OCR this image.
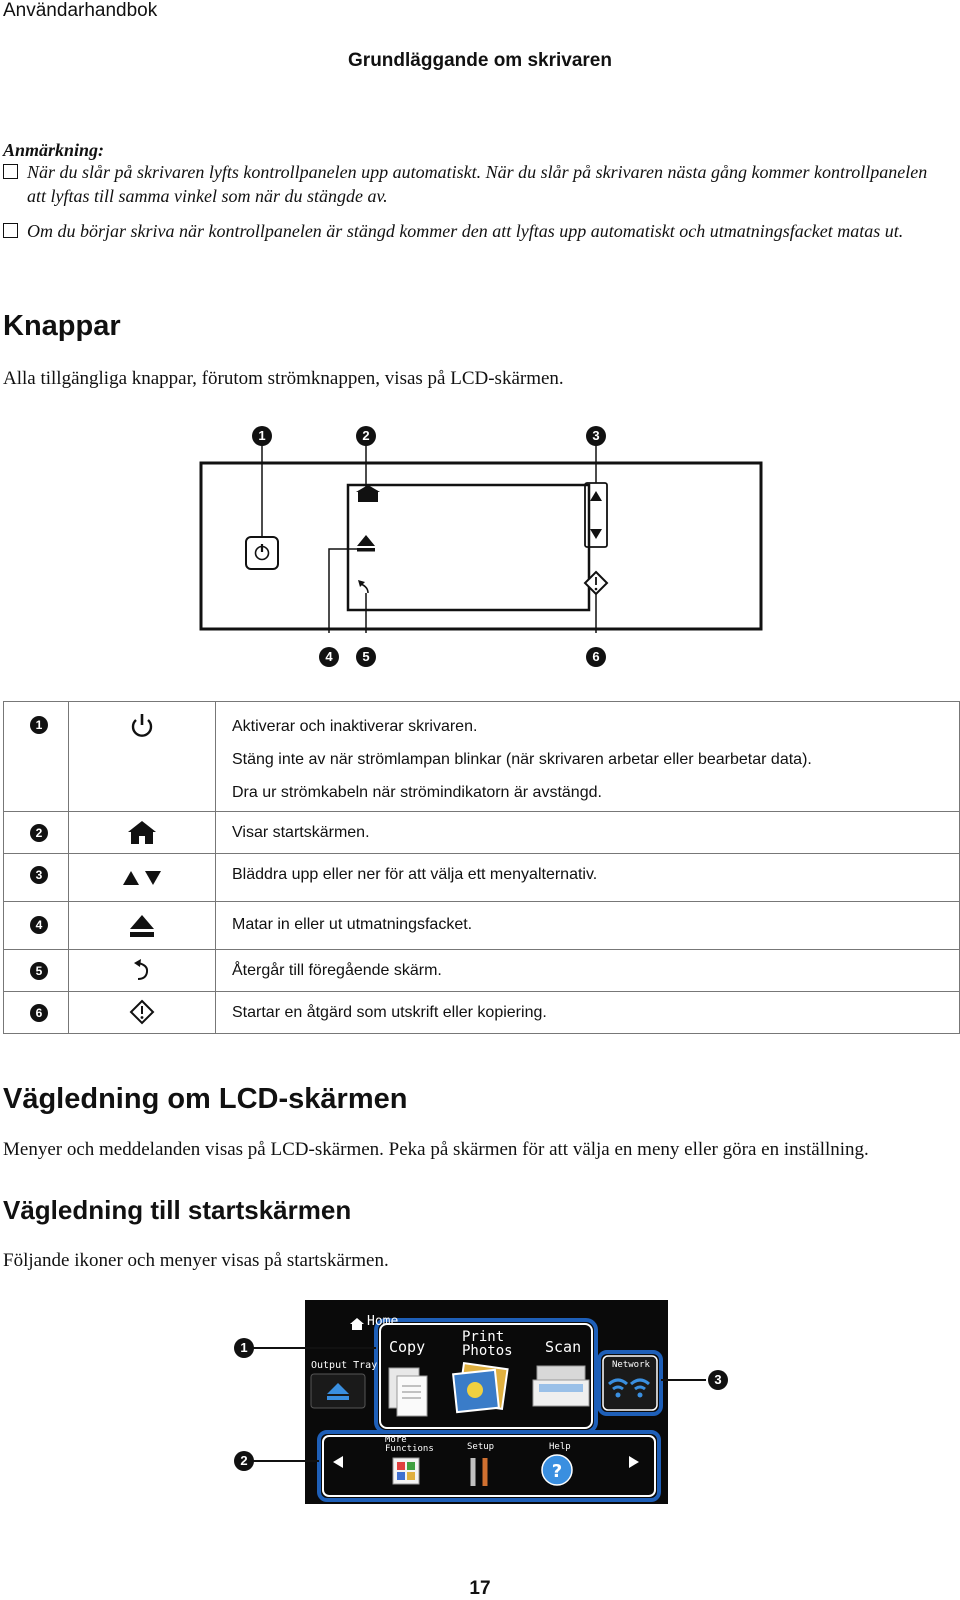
Användarhandbok
Grundläggande om skrivaren
Anmärkning:
När du slår på skrivaren lyfts kontrollpanelen upp automatiskt. När du slår på skrivaren nästa gång kommer kontrollpanelen att lyftas till samma vinkel som när du stängde av.
Om du börjar skriva när kontrollpanelen är stängd kommer den att lyftas upp automatiskt och utmatningsfacket matas ut.
Knappar
Alla tillgängliga knappar, förutom strömknappen, visas på LCD-skärmen.
1	2	3
4	5	6
1		Aktiverar och inaktiverar skrivaren.
Stäng inte av när strömlampan blinkar (när skrivaren arbetar eller bearbetar data).
Dra ur strömkabeln när strömindikatorn är avstängd.

2		Visar startskärmen.

3		Bläddra upp eller ner för att välja ett menyalternativ.

4		Matar in eller ut utmatningsfacket.

5		Återgår till föregående skärm.

6		Startar en åtgärd som utskrift eller kopiering.
Vägledning om LCD-skärmen
Menyer och meddelanden visas på LCD-skärmen. Peka på skärmen för att välja en meny eller göra en inställning.
Vägledning till startskärmen
Följande ikoner och menyer visas på startskärmen.
?
Home
Output Tray
Copy
Print
Photos Scan
Network
More
Functions	Setup	Help
1
2
3
17
